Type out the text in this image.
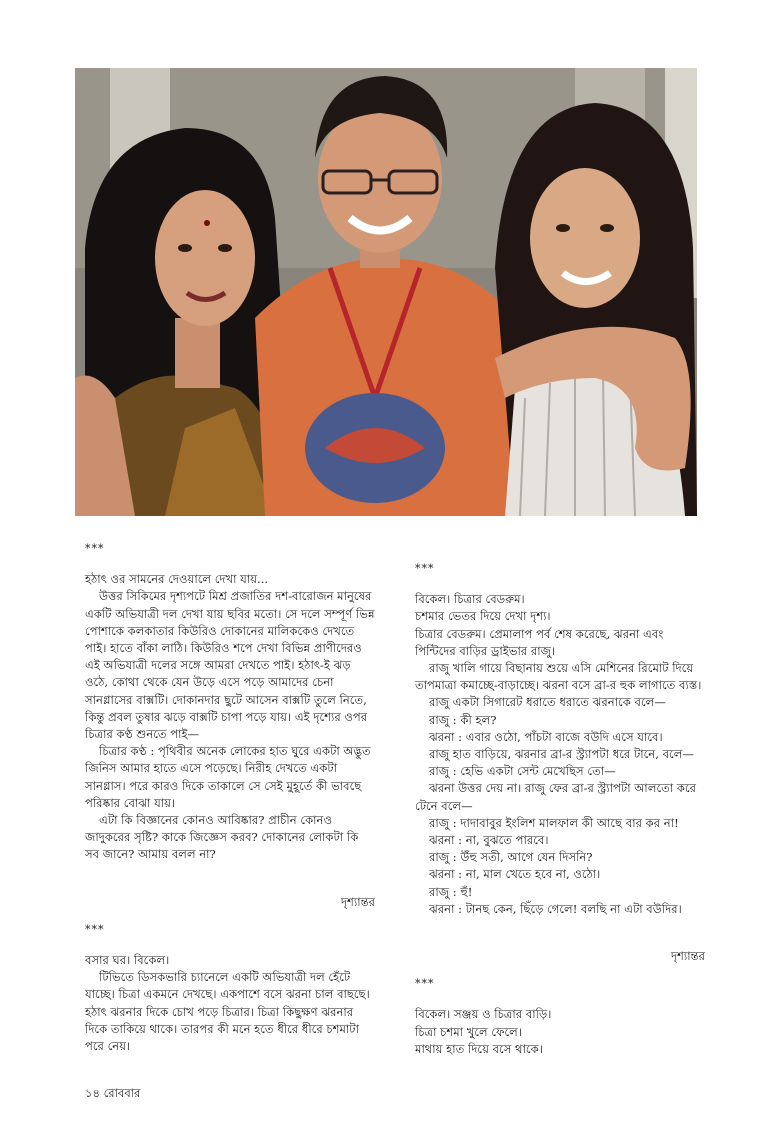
***

হঠাৎ ওর সামনের দেওয়ালে দেখা যায়...

উত্তর সিকিমের দৃশ্যপটে মিশ্র প্রজাতির দশ-বারোজন মানুষের একটি অভিযাত্রী দল দেখা যায় ছবির মতো। সে দলে সম্পূর্ণ ভিন্ন পোশাকে কলকাতার কিউরিও দোকানের মালিককেও দেখতে পাই। হাতে বাঁকা লাঠি। কিউরিও শপে দেখা বিভিন্ন প্রাণীদেরও এই অভিযাত্রী দলের সঙ্গে আমরা দেখতে পাই। হঠাৎ-ই ঝড় ওঠে, কোথা থেকে যেন উড়ে এসে পড়ে আমাদের চেনা সানগ্লাসের বাক্সটি। দোকানদার ছুটে আসেন বাক্সটি তুলে নিতে, কিন্তু প্রবল তুষার ঝড়ে বাক্সটি চাপা পড়ে যায়। এই দৃশ্যের ওপর চিত্রার কণ্ঠ শুনতে পাই—

চিত্রার কণ্ঠ : পৃথিবীর অনেক লোকের হাত ঘুরে একটা অদ্ভুত জিনিস আমার হাতে এসে পড়েছে। নিরীহ দেখতে একটা সানগ্লাস। পরে কারও দিকে তাকালে সে সেই মুহূর্তে কী ভাবছে পরিষ্কার বোঝা যায়।

এটা কি বিজ্ঞানের কোনও আবিষ্কার? প্রাচীন কোনও জাদুকরের সৃষ্টি? কাকে জিজ্ঞেস করব? দোকানের লোকটা কি সব জানে? আমায় বলল না?

দৃশ্যান্তর

***

বসার ঘর। বিকেল।

টিভিতে ডিসকভারি চ্যানেলে একটি অভিযাত্রী দল হেঁটে যাচ্ছে। চিত্রা একমনে দেখছে। একপাশে বসে ঝরনা চাল বাছছে। হঠাৎ ঝরনার দিকে চোখ পড়ে চিত্রার। চিত্রা কিছুক্ষণ ঝরনার দিকে তাকিয়ে থাকে। তারপর কী মনে হতে ধীরে ধীরে চশমাটা পরে নেয়।

***

বিকেল। চিত্রার বেডরুম।

চশমার ভেতর দিয়ে দেখা দৃশ্য।

চিত্রার বেডরুম। প্রেমালাপ পর্ব শেষ করেছে, ঝরনা এবং পিন্টিদের বাড়ির ড্রাইভার রাজু।

রাজু খালি গায়ে বিছানায় শুয়ে এসি মেশিনের রিমোট দিয়ে তাপমাত্রা কমাচ্ছে-বাড়াচ্ছে। ঝরনা বসে ব্রা-র হুক লাগাতে ব্যস্ত।

রাজু একটা সিগারেট ধরাতে ধরাতে ঝরনাকে বলে—

রাজু : কী হল?

ঝরনা : এবার ওঠো, পাঁচটা বাজে বউদি এসে যাবে।

রাজু হাত বাড়িয়ে, ঝরনার ব্রা-র স্ট্র্যাপটা ধরে টানে, বলে—

রাজু : হেভি একটা সেন্ট মেখেছিস তো—

ঝরনা উত্তর দেয় না। রাজু ফের ব্রা-র স্ট্র্যাপটা আলতো করে টেনে বলে—

রাজু : দাদাবাবুর ইংলিশ মালফাল কী আছে বার কর না!

ঝরনা : না, বুঝতে পারবে।

রাজু : উঁহু সতী, আগে যেন দিসনি?

ঝরনা : না, মাল খেতে হবে না, ওঠো।

রাজু : হুঁ!

ঝরনা : টানছ কেন, ছিঁড়ে গেলে! বলছি না এটা বউদির।

দৃশ্যান্তর

***

বিকেল। সঞ্জয় ও চিত্রার বাড়ি।

চিত্রা চশমা খুলে ফেলে।

মাথায় হাত দিয়ে বসে থাকে।

১৪ রোববার
